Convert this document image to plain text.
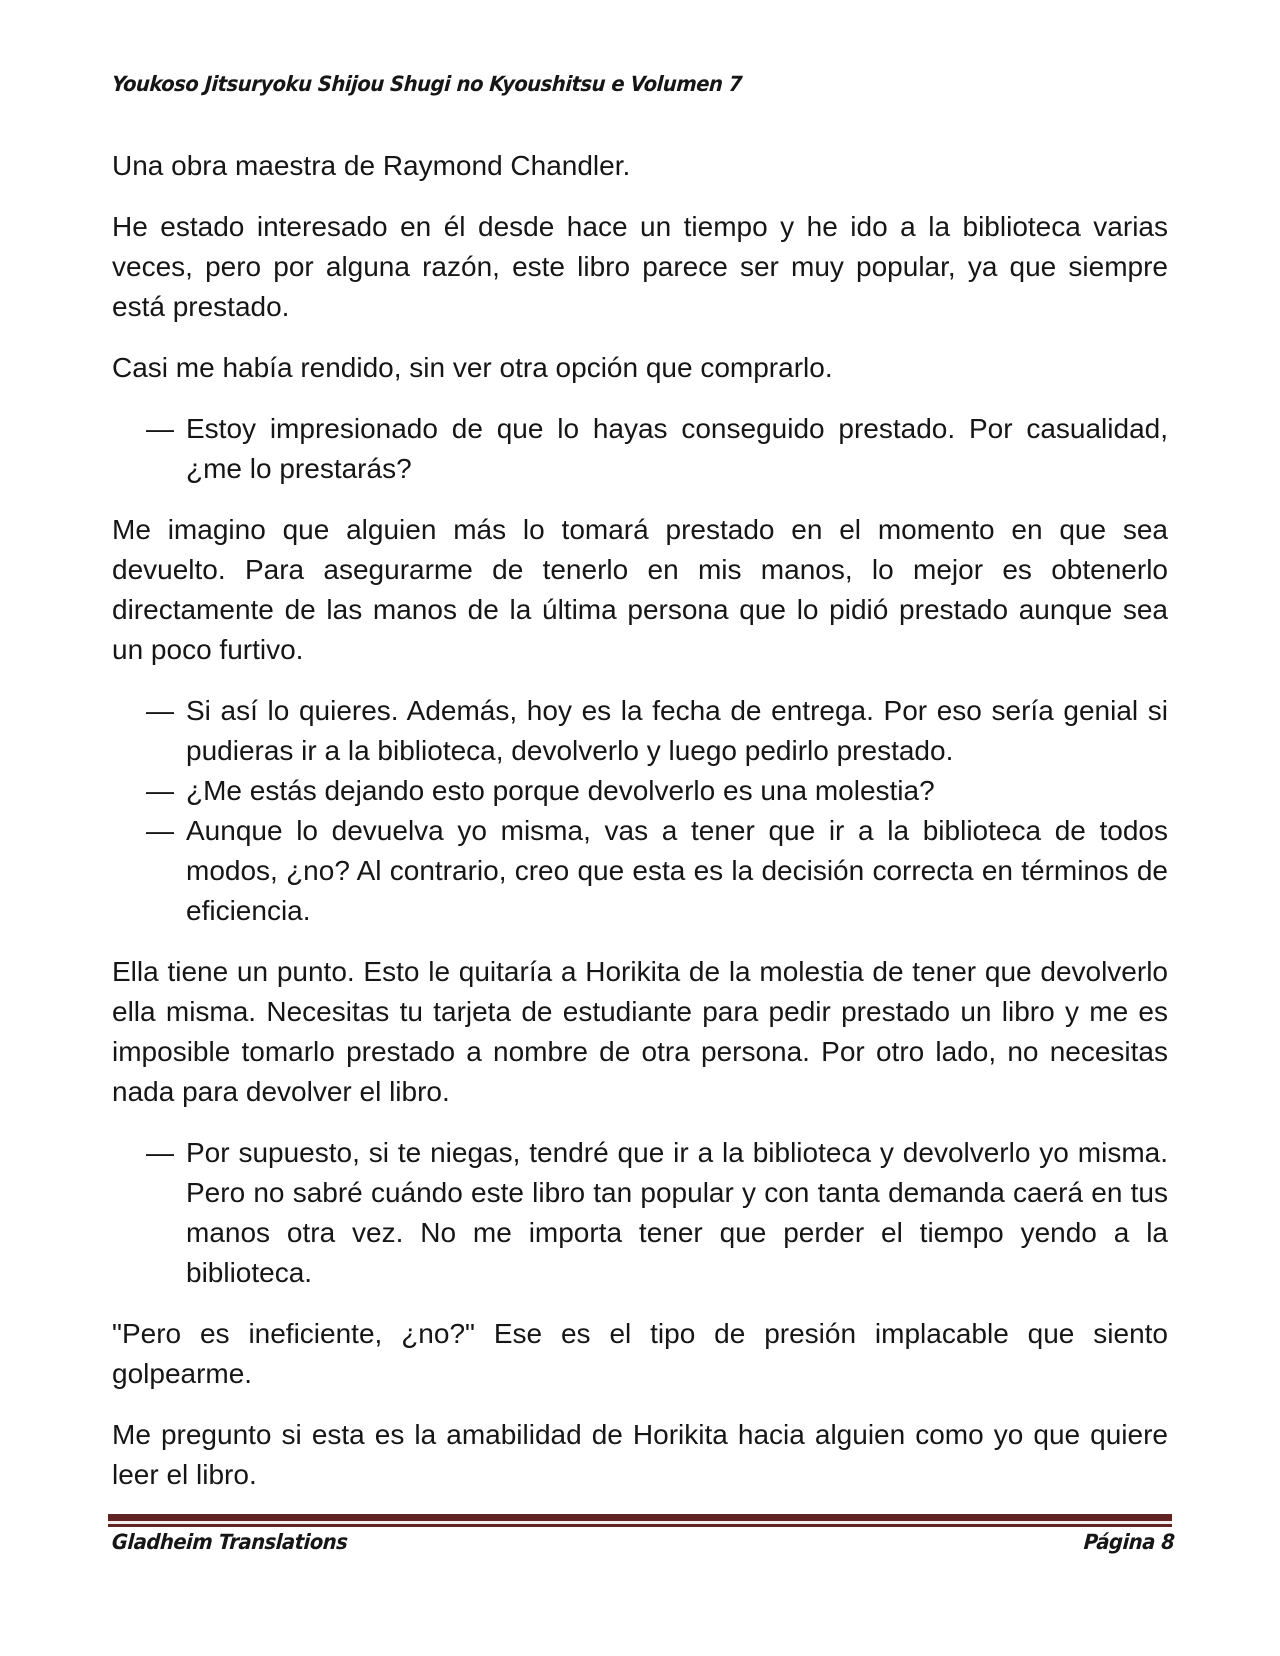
Youkoso Jitsuryoku Shijou Shugi no Kyoushitsu e Volumen 7

Una obra maestra de Raymond Chandler.

He estado interesado en él desde hace un tiempo y he ido a la biblioteca varias veces, pero por alguna razón, este libro parece ser muy popular, ya que siempre está prestado.

Casi me había rendido, sin ver otra opción que comprarlo.

— Estoy impresionado de que lo hayas conseguido prestado. Por casualidad, ¿me lo prestarás?

Me imagino que alguien más lo tomará prestado en el momento en que sea devuelto. Para asegurarme de tenerlo en mis manos, lo mejor es obtenerlo directamente de las manos de la última persona que lo pidió prestado aunque sea un poco furtivo.

— Si así lo quieres. Además, hoy es la fecha de entrega. Por eso sería genial si pudieras ir a la biblioteca, devolverlo y luego pedirlo prestado.
— ¿Me estás dejando esto porque devolverlo es una molestia?
— Aunque lo devuelva yo misma, vas a tener que ir a la biblioteca de todos modos, ¿no? Al contrario, creo que esta es la decisión correcta en términos de eficiencia.

Ella tiene un punto. Esto le quitaría a Horikita de la molestia de tener que devolverlo ella misma. Necesitas tu tarjeta de estudiante para pedir prestado un libro y me es imposible tomarlo prestado a nombre de otra persona. Por otro lado, no necesitas nada para devolver el libro.

— Por supuesto, si te niegas, tendré que ir a la biblioteca y devolverlo yo misma. Pero no sabré cuándo este libro tan popular y con tanta demanda caerá en tus manos otra vez. No me importa tener que perder el tiempo yendo a la biblioteca.

"Pero es ineficiente, ¿no?" Ese es el tipo de presión implacable que siento golpearme.

Me pregunto si esta es la amabilidad de Horikita hacia alguien como yo que quiere leer el libro.

Gladheim Translations	Página 8
